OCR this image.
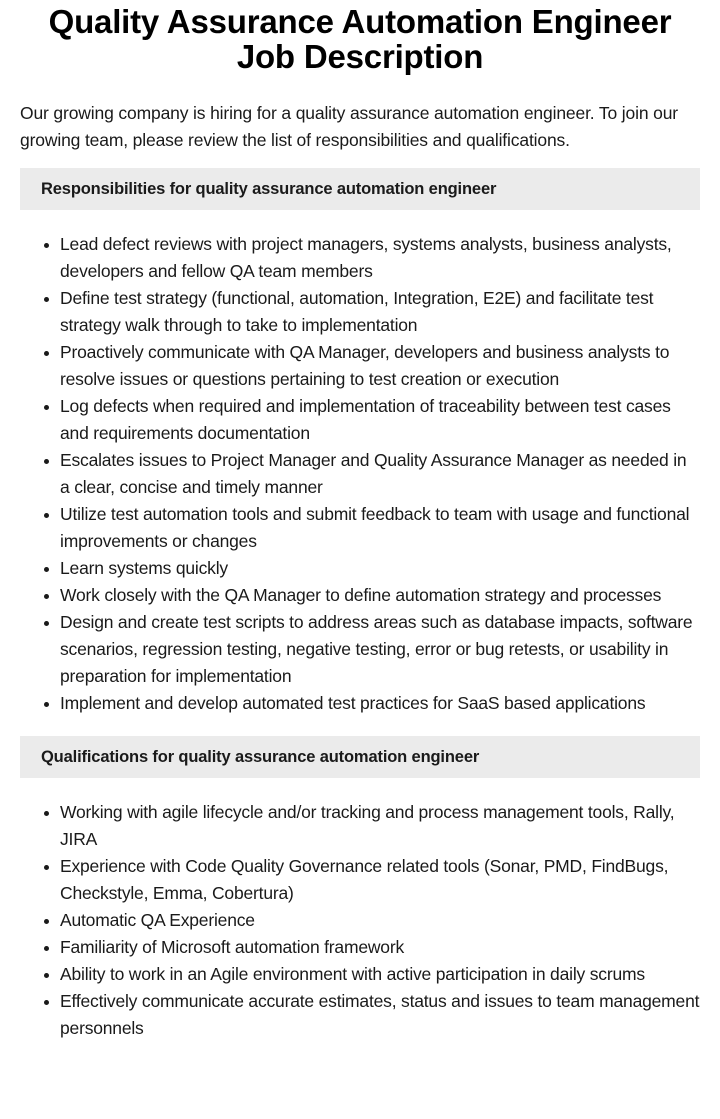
Quality Assurance Automation Engineer Job Description

Our growing company is hiring for a quality assurance automation engineer. To join our growing team, please review the list of responsibilities and qualifications.

Responsibilities for quality assurance automation engineer
Lead defect reviews with project managers, systems analysts, business analysts, developers and fellow QA team members
Define test strategy (functional, automation, Integration, E2E) and facilitate test strategy walk through to take to implementation
Proactively communicate with QA Manager, developers and business analysts to resolve issues or questions pertaining to test creation or execution
Log defects when required and implementation of traceability between test cases and requirements documentation
Escalates issues to Project Manager and Quality Assurance Manager as needed in a clear, concise and timely manner
Utilize test automation tools and submit feedback to team with usage and functional improvements or changes
Learn systems quickly
Work closely with the QA Manager to define automation strategy and processes
Design and create test scripts to address areas such as database impacts, software scenarios, regression testing, negative testing, error or bug retests, or usability in preparation for implementation
Implement and develop automated test practices for SaaS based applications
Qualifications for quality assurance automation engineer
Working with agile lifecycle and/or tracking and process management tools, Rally, JIRA
Experience with Code Quality Governance related tools (Sonar, PMD, FindBugs, Checkstyle, Emma, Cobertura)
Automatic QA Experience
Familiarity of Microsoft automation framework
Ability to work in an Agile environment with active participation in daily scrums
Effectively communicate accurate estimates, status and issues to team management personnels
